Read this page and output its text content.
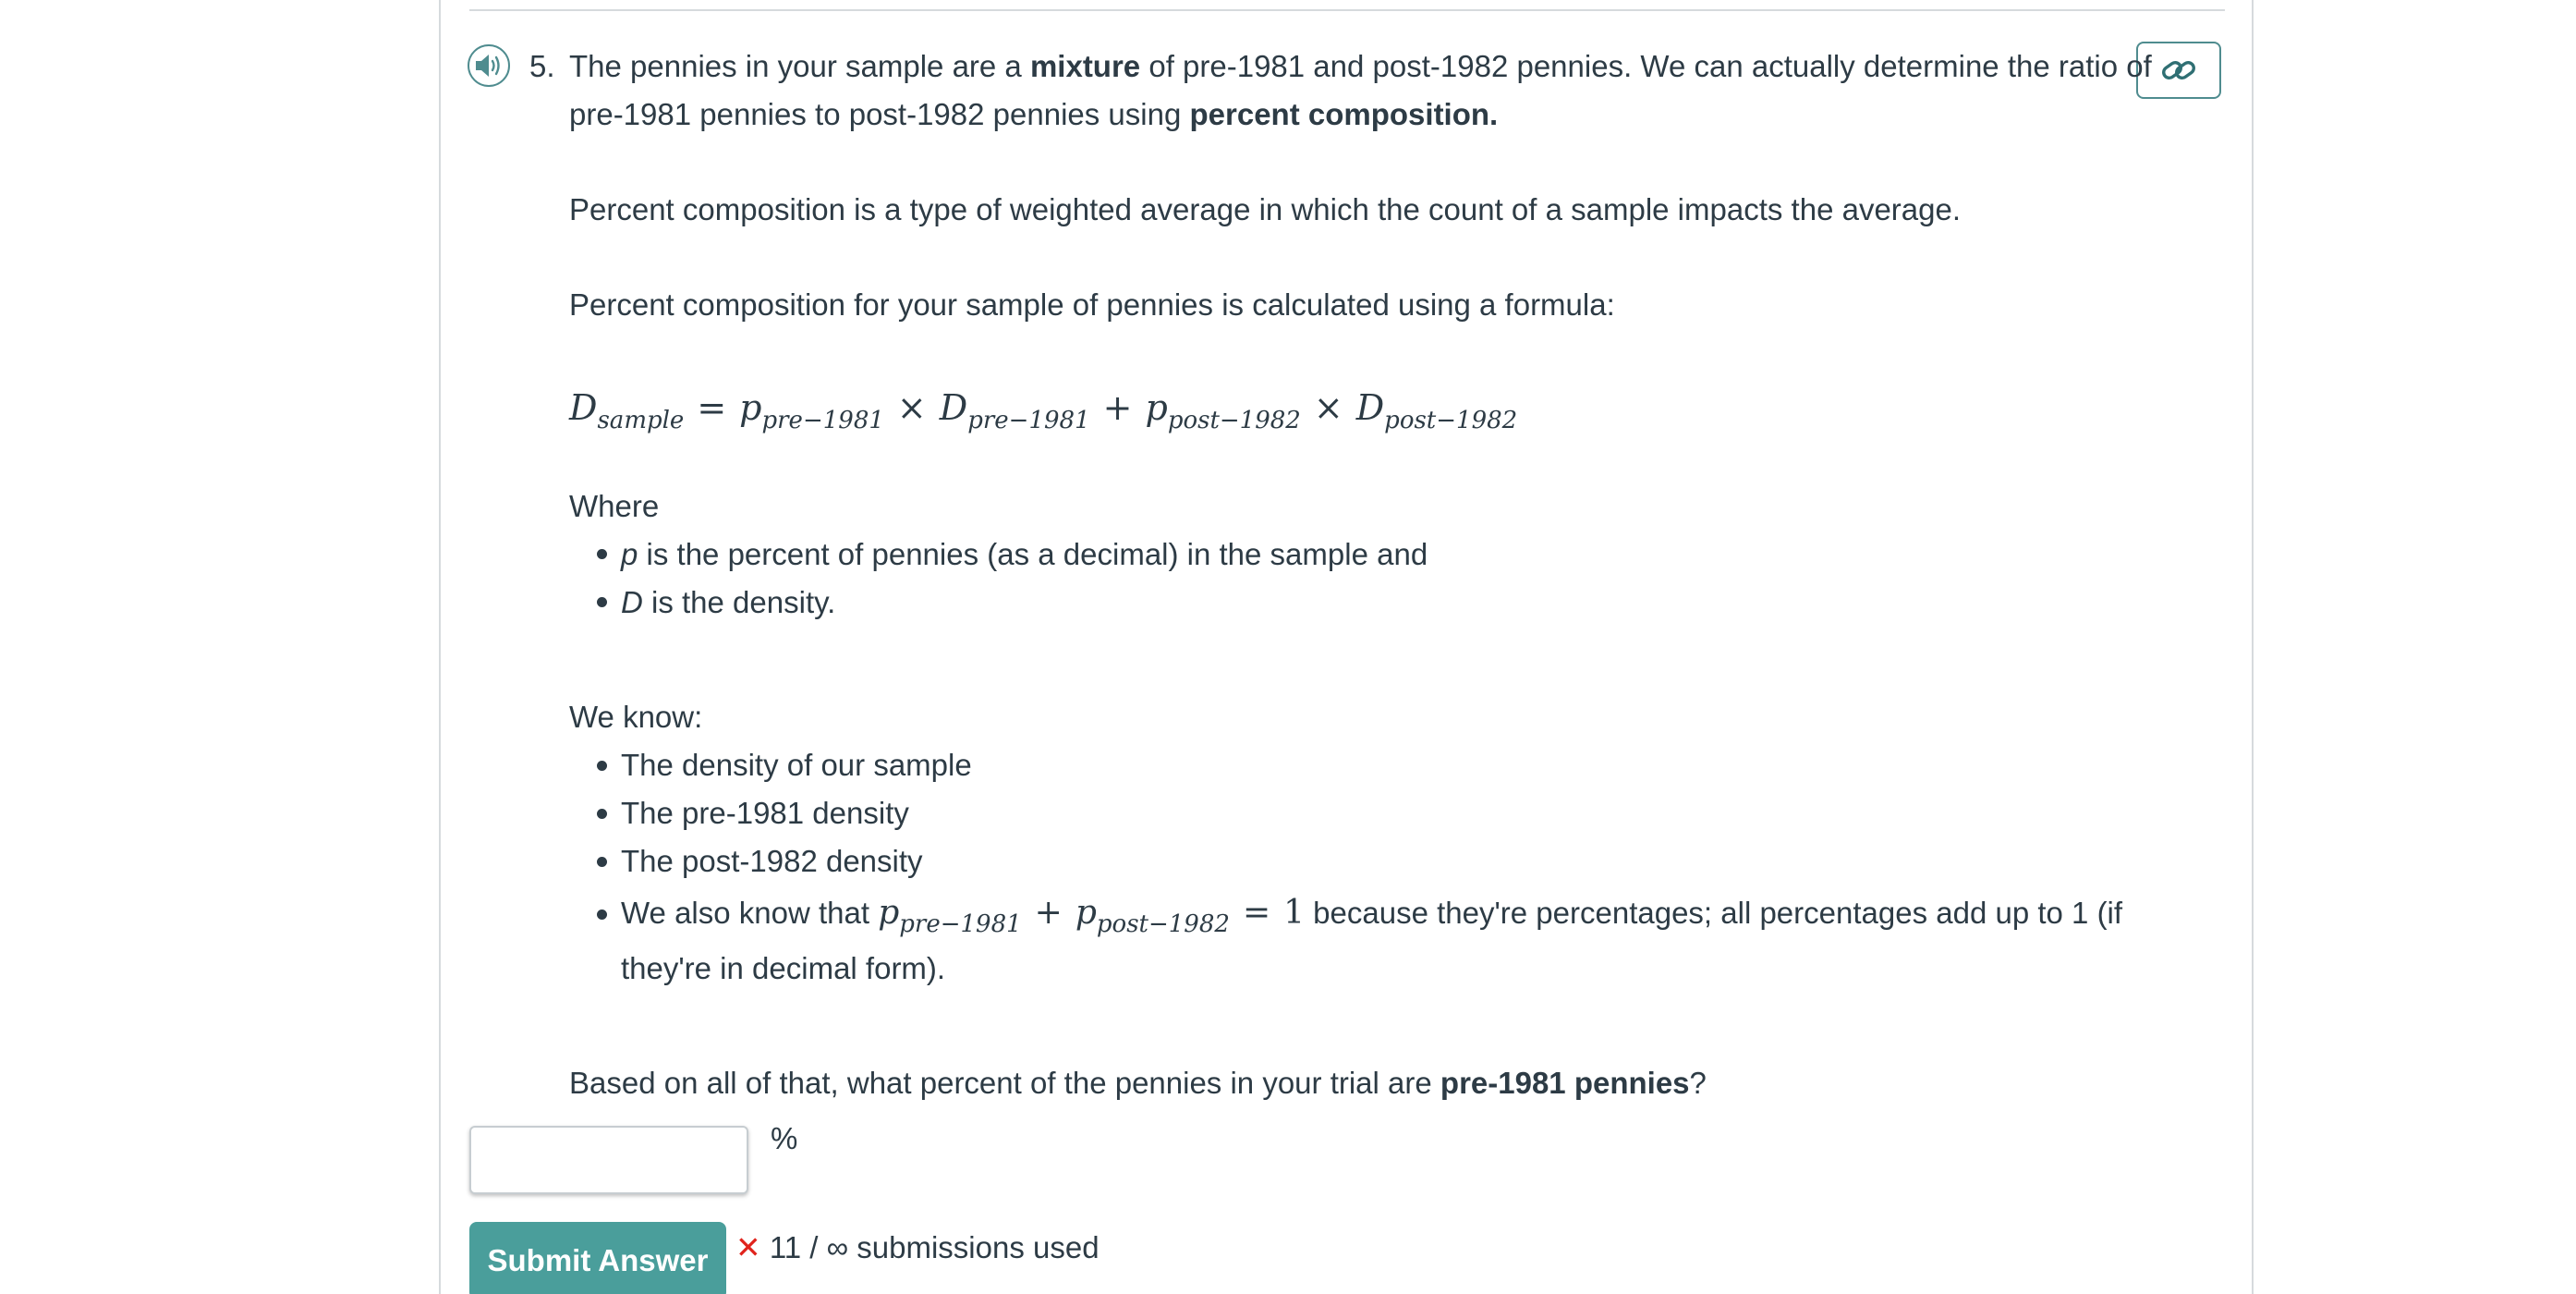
5. The pennies in your sample are a mixture of pre-1981 and post-1982 pennies. We can actually determine the ratio of
pre-1981 pennies to post-1982 pennies using percent composition.
Percent composition is a type of weighted average in which the count of a sample impacts the average.
Percent composition for your sample of pennies is calculated using a formula:
$D_{sample} = p_{pre-1981} \times D_{pre-1981} + p_{post-1982} \times D_{post-1982}$
Where
p is the percent of pennies (as a decimal) in the sample and
D is the density.
We know:
The density of our sample
The pre-1981 density
The post-1982 density
We also know that $p_{pre-1981} + p_{post-1982} = 1$ because they're percentages; all percentages add up to 1 (if
they're in decimal form).
Based on all of that, what percent of the pennies in your trial are pre-1981 pennies?
%
Submit Answer ✕ 11 / ∞ submissions used
